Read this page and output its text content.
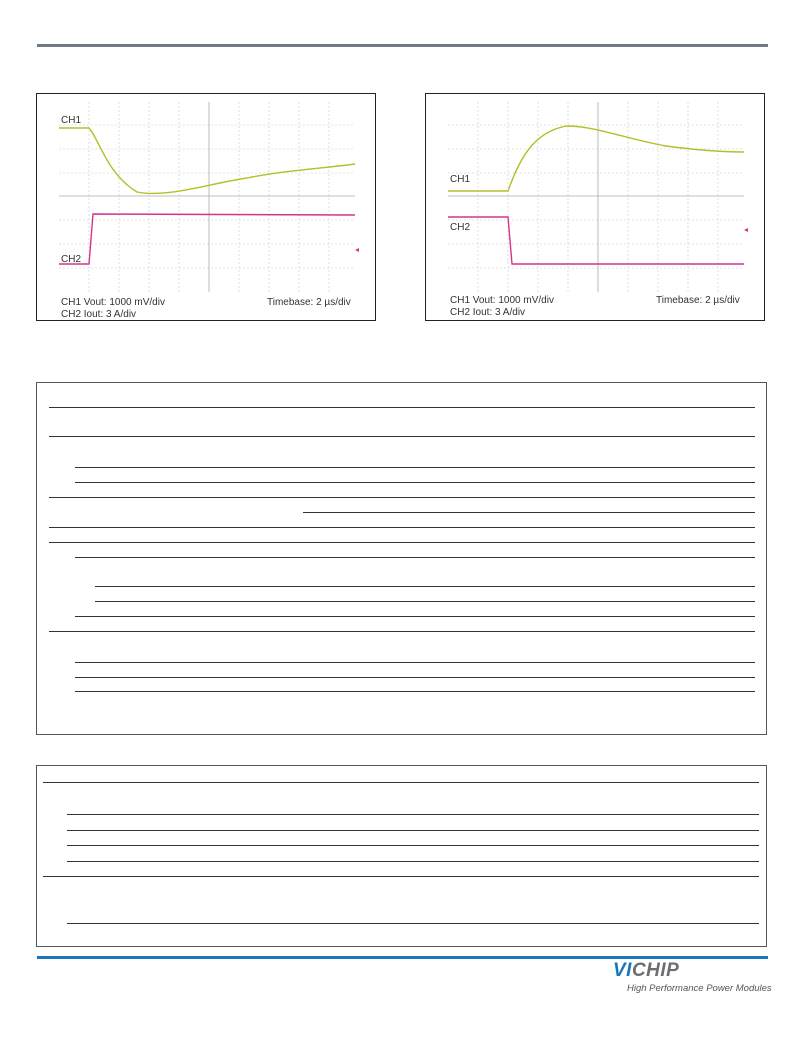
CH1
CH2
CH1 Vout: 1000 mV/div
CH2 Iout: 3 A/div
Timebase: 2 µs/div
CH1
CH2
CH1 Vout: 1000 mV/div
CH2 Iout: 3 A/div
Timebase: 2 µs/div
VICHIP
High Performance Power Modules
